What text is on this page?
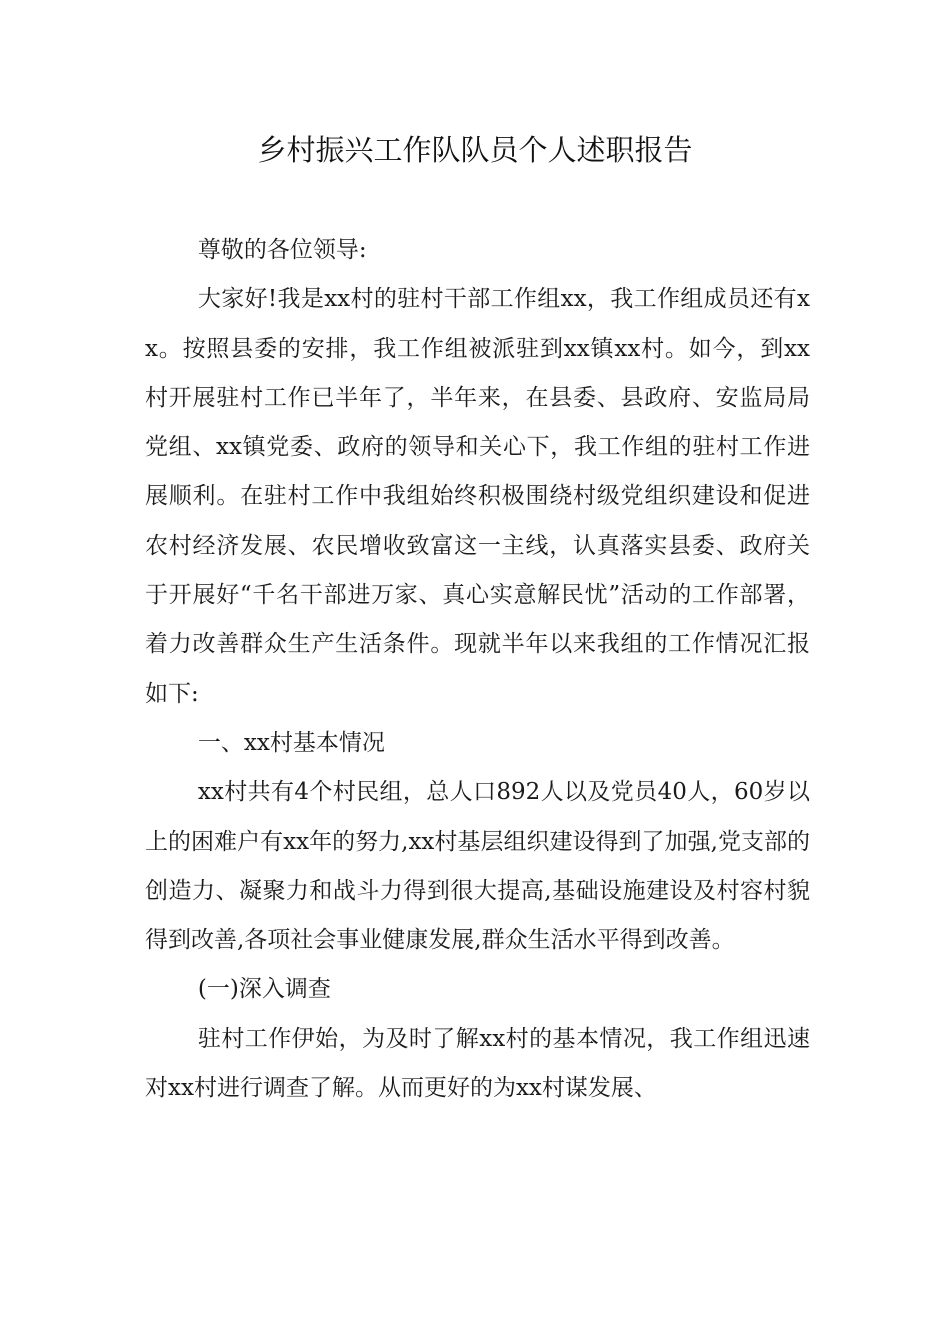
乡村振兴工作队队员个人述职报告

尊敬的各位领导:

大家好!我是xx村的驻村干部工作组xx，我工作组成员还有xx。按照县委的安排，我工作组被派驻到xx镇xx村。如今，到xx村开展驻村工作已半年了，半年来，在县委、县政府、安监局局党组、xx镇党委、政府的领导和关心下，我工作组的驻村工作进展顺利。在驻村工作中我组始终积极围绕村级党组织建设和促进农村经济发展、农民增收致富这一主线，认真落实县委、政府关于开展好“千名干部进万家、真心实意解民忧”活动的工作部署，着力改善群众生产生活条件。现就半年以来我组的工作情况汇报如下:

一、xx村基本情况

xx村共有4个村民组，总人口892人以及党员40人，60岁以上的困难户有xx年的努力,xx村基层组织建设得到了加强,党支部的创造力、凝聚力和战斗力得到很大提高,基础设施建设及村容村貌得到改善,各项社会事业健康发展,群众生活水平得到改善。

(一)深入调查

驻村工作伊始，为及时了解xx村的基本情况，我工作组迅速对xx村进行调查了解。从而更好的为xx村谋发展、
